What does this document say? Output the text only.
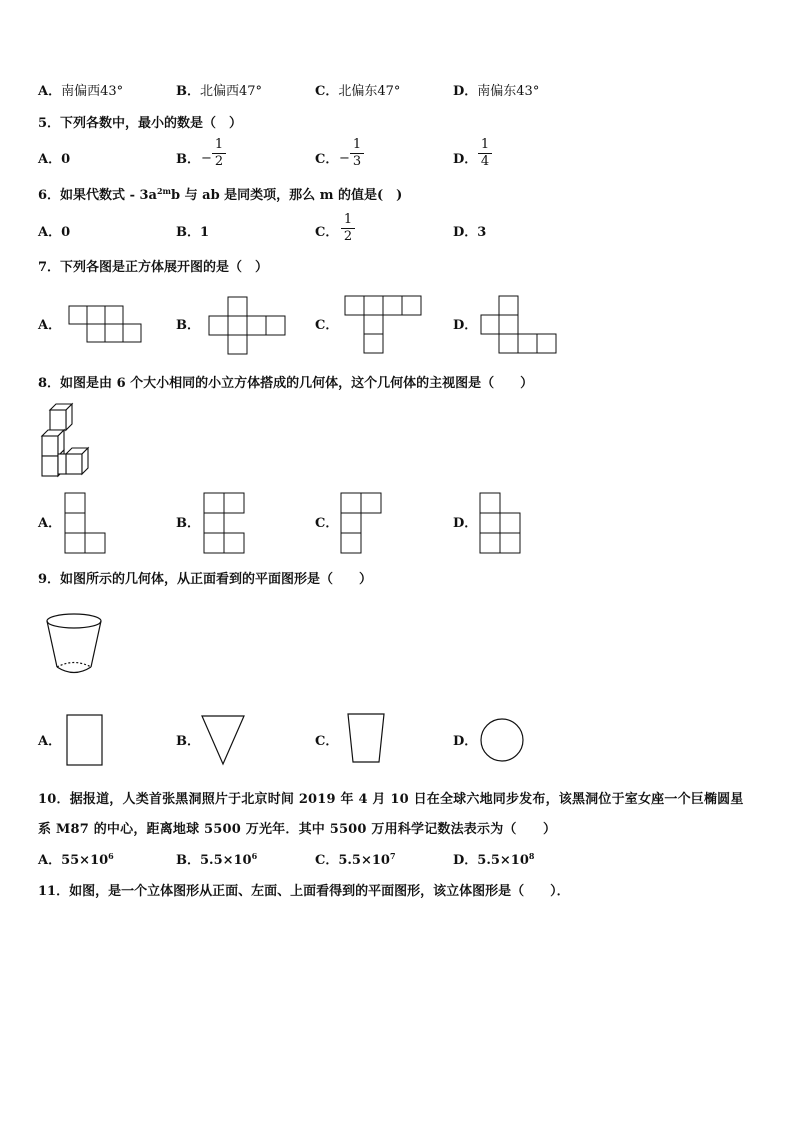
A．南偏西43°	B．北偏西47°	C．北偏东47°	D．南偏东43°
5．下列各数中，最小的数是（　）
A．0	B． −
1
2	C． −
1
3	D．
1
4
6．如果代数式 - $3a^{2m}b$ 与 ab 是同类项，那么 m 的值是(　)
A．0	B．1	C．
1
2	D．3
7．下列各图是正方体展开图的是（　）
A．	B．	C．	D．
8．如图是由 6 个大小相同的小立方体搭成的几何体，这个几何体的主视图是（　　）
A．	B．	C．	D．
9．如图所示的几何体，从正面看到的平面图形是（　　）
A．	B．	C．	D．
10．据报道，人类首张黑洞照片于北京时间 2019 年 4 月 10 日在全球六地同步发布，该黑洞位于室女座一个巨椭圆星
系 M87 的中心，距离地球 5500 万光年．其中 5500 万用科学记数法表示为（　　）
A．$55\times 10^6$	B．$5.5\times 10^6$	C．$5.5\times 10^7$	D．$5.5\times 10^8$
11．如图，是一个立体图形从正面、左面、上面看得到的平面图形，该立体图形是（　　）．
